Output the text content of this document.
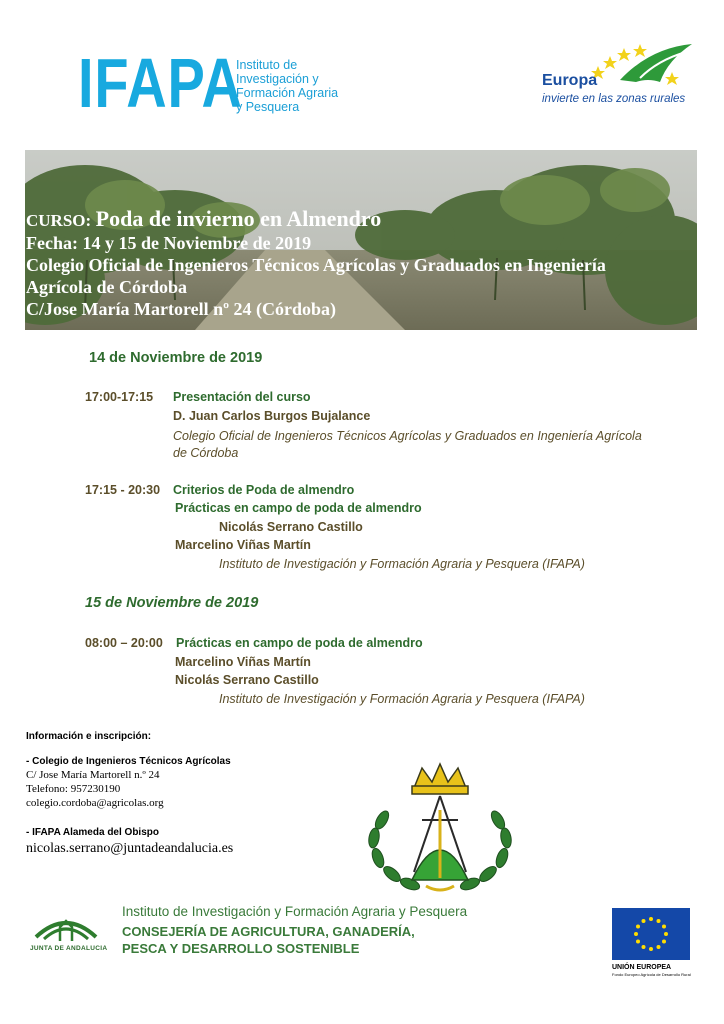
IFAPA
Instituto de
Investigación y
Formación Agraria
y Pesquera
Europa
invierte en las zonas rurales
CURSO: Poda de invierno en Almendro
Fecha: 14 y 15 de Noviembre de 2019
Colegio Oficial de Ingenieros Técnicos Agrícolas y Graduados en Ingeniería
Agrícola de Córdoba
C/Jose María Martorell nº 24 (Córdoba)
14 de Noviembre de 2019
17:00-17:15 Presentación del curso
D. Juan Carlos Burgos Bujalance
Colegio Oficial de Ingenieros Técnicos Agrícolas y Graduados en Ingeniería Agrícola
de Córdoba
17:15 - 20:30 Criterios de Poda de almendro
Prácticas en campo de poda de almendro
Nicolás Serrano Castillo
Marcelino Viñas Martín
Instituto de Investigación y Formación Agraria y Pesquera (IFAPA)
15 de Noviembre de 2019
08:00 – 20:00 Prácticas en campo de poda de almendro
Marcelino Viñas Martín
Nicolás Serrano Castillo
Instituto de Investigación y Formación Agraria y Pesquera (IFAPA)
Información e inscripción:
- Colegio de Ingenieros Técnicos Agrícolas
C/ Jose María Martorell n.º 24
Telefono: 957230190
colegio.cordoba@agricolas.org
- IFAPA Alameda del Obispo
nicolas.serrano@juntadeandalucia.es
JUNTA DE ANDALUCIA
Instituto de Investigación y Formación Agraria y Pesquera
CONSEJERÍA DE AGRICULTURA, GANADERÍA,
PESCA Y DESARROLLO SOSTENIBLE
UNIÓN EUROPEA
Fondo Europeo Agrícola de Desarrollo Rural
